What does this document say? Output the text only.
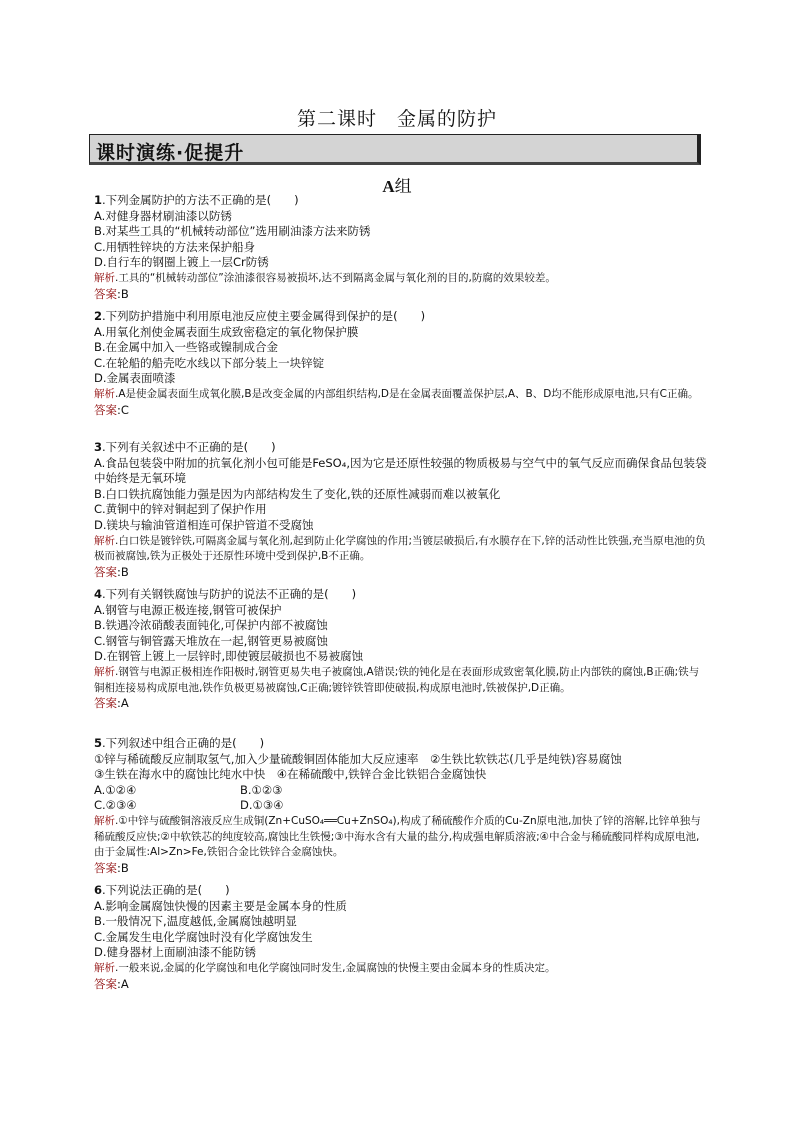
第二课时　金属的防护
课时演练·促提升
A组
1.下列金属防护的方法不正确的是(　　)
A.对健身器材刷油漆以防锈
B.对某些工具的“机械转动部位”选用刷油漆方法来防锈
C.用牺牲锌块的方法来保护船身
D.自行车的钢圈上镀上一层Cr防锈
解析.工具的“机械转动部位”涂油漆很容易被损坏,达不到隔离金属与氧化剂的目的,防腐的效果较差。
答案:B
2.下列防护措施中利用原电池反应使主要金属得到保护的是(　　)
A.用氧化剂使金属表面生成致密稳定的氧化物保护膜
B.在金属中加入一些铬或镍制成合金
C.在轮船的船壳吃水线以下部分装上一块锌锭
D.金属表面喷漆
解析.A是使金属表面生成氧化膜,B是改变金属的内部组织结构,D是在金属表面覆盖保护层,A、B、D均不能形成原电池,只有C正确。
答案:C
3.下列有关叙述中不正确的是(　　)
A.食品包装袋中附加的抗氧化剂小包可能是FeSO₄,因为它是还原性较强的物质极易与空气中的氧气反应而确保食品包装袋中始终是无氧环境
B.白口铁抗腐蚀能力强是因为内部结构发生了变化,铁的还原性减弱而难以被氧化
C.黄铜中的锌对铜起到了保护作用
D.镁块与输油管道相连可保护管道不受腐蚀
解析.白口铁是镀锌铁,可隔离金属与氧化剂,起到防止化学腐蚀的作用;当镀层破损后,有水膜存在下,锌的活动性比铁强,充当原电池的负极而被腐蚀,铁为正极处于还原性环境中受到保护,B不正确。
答案:B
4.下列有关钢铁腐蚀与防护的说法不正确的是(　　)
A.钢管与电源正极连接,钢管可被保护
B.铁遇冷浓硝酸表面钝化,可保护内部不被腐蚀
C.钢管与铜管露天堆放在一起,钢管更易被腐蚀
D.在钢管上镀上一层锌时,即使镀层破损也不易被腐蚀
解析.钢管与电源正极相连作阳极时,钢管更易失电子被腐蚀,A错误;铁的钝化是在表面形成致密氧化膜,防止内部铁的腐蚀,B正确;铁与铜相连接易构成原电池,铁作负极更易被腐蚀,C正确;镀锌铁管即使破损,构成原电池时,铁被保护,D正确。
答案:A
5.下列叙述中组合正确的是(　　)
①锌与稀硫酸反应制取氢气,加入少量硫酸铜固体能加大反应速率　②生铁比软铁芯(几乎是纯铁)容易腐蚀
③生铁在海水中的腐蚀比纯水中快　④在稀硫酸中,铁锌合金比铁铝合金腐蚀快
A.①②④	B.①②③
C.②③④	D.①③④
解析.①中锌与硫酸铜溶液反应生成铜(Zn+CuSO₄══Cu+ZnSO₄),构成了稀硫酸作介质的Cu-Zn原电池,加快了锌的溶解,比锌单独与稀硫酸反应快;②中软铁芯的纯度较高,腐蚀比生铁慢;③中海水含有大量的盐分,构成强电解质溶液;④中合金与稀硫酸同样构成原电池,由于金属性:Al>Zn>Fe,铁铝合金比铁锌合金腐蚀快。
答案:B
6.下列说法正确的是(　　)
A.影响金属腐蚀快慢的因素主要是金属本身的性质
B.一般情况下,温度越低,金属腐蚀越明显
C.金属发生电化学腐蚀时没有化学腐蚀发生
D.健身器材上面刷油漆不能防锈
解析.一般来说,金属的化学腐蚀和电化学腐蚀同时发生,金属腐蚀的快慢主要由金属本身的性质决定。
答案:A
